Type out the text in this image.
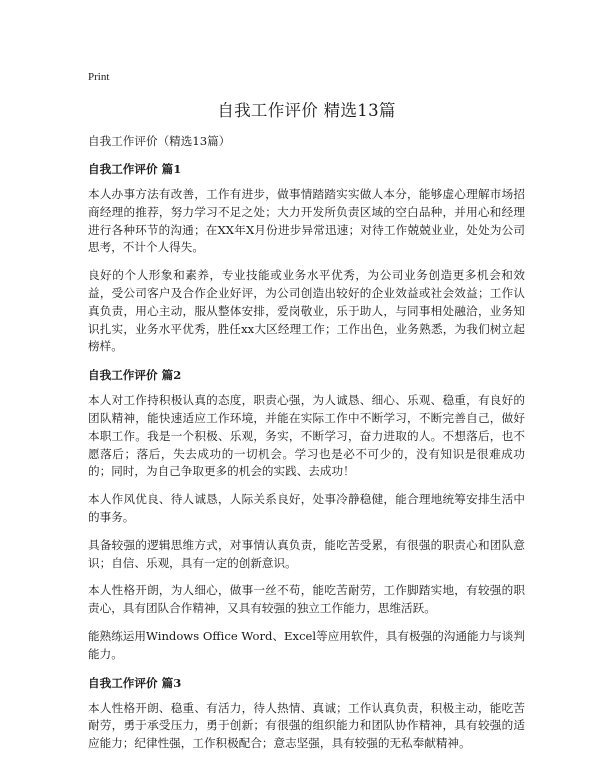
Print
自我工作评价 精选13篇
自我工作评价（精选13篇）
自我工作评价 篇1

本人办事方法有改善，工作有进步，做事情踏踏实实做人本分，能够虚心理解市场招商经理的推荐，努力学习不足之处；大力开发所负责区域的空白品种，并用心和经理进行各种环节的沟通；在XX年X月份进步异常迅速；对待工作兢兢业业，处处为公司思考，不计个人得失。

良好的个人形象和素养，专业技能或业务水平优秀，为公司业务创造更多机会和效益，受公司客户及合作企业好评，为公司创造出较好的企业效益或社会效益；工作认真负责，用心主动，服从整体安排，爱岗敬业，乐于助人，与同事相处融洽，业务知识扎实，业务水平优秀，胜任xx大区经理工作；工作出色，业务熟悉，为我们树立起榜样。

自我工作评价 篇2

本人对工作持积极认真的态度，职责心强，为人诚恳、细心、乐观、稳重，有良好的团队精神，能快速适应工作环境，并能在实际工作中不断学习，不断完善自己，做好本职工作。我是一个积极、乐观，务实，不断学习，奋力进取的人。不想落后，也不愿落后；落后，失去成功的一切机会。学习也是必不可少的，没有知识是很难成功的；同时，为自己争取更多的机会的实践、去成功！

本人作风优良、待人诚恳，人际关系良好，处事冷静稳健，能合理地统筹安排生活中的事务。

具备较强的逻辑思维方式，对事情认真负责，能吃苦受累，有很强的职责心和团队意识；自信、乐观，具有一定的创新意识。

本人性格开朗，为人细心，做事一丝不苟，能吃苦耐劳，工作脚踏实地，有较强的职责心，具有团队合作精神，又具有较强的独立工作能力，思维活跃。

能熟练运用Windows Office Word、Excel等应用软件，具有极强的沟通能力与谈判能力。

自我工作评价 篇3

本人性格开朗、稳重、有活力，待人热情、真诚；工作认真负责，积极主动，能吃苦耐劳，勇于承受压力，勇于创新；有很强的组织能力和团队协作精神，具有较强的适应能力；纪律性强，工作积极配合；意志坚强，具有较强的无私奉献精神。
